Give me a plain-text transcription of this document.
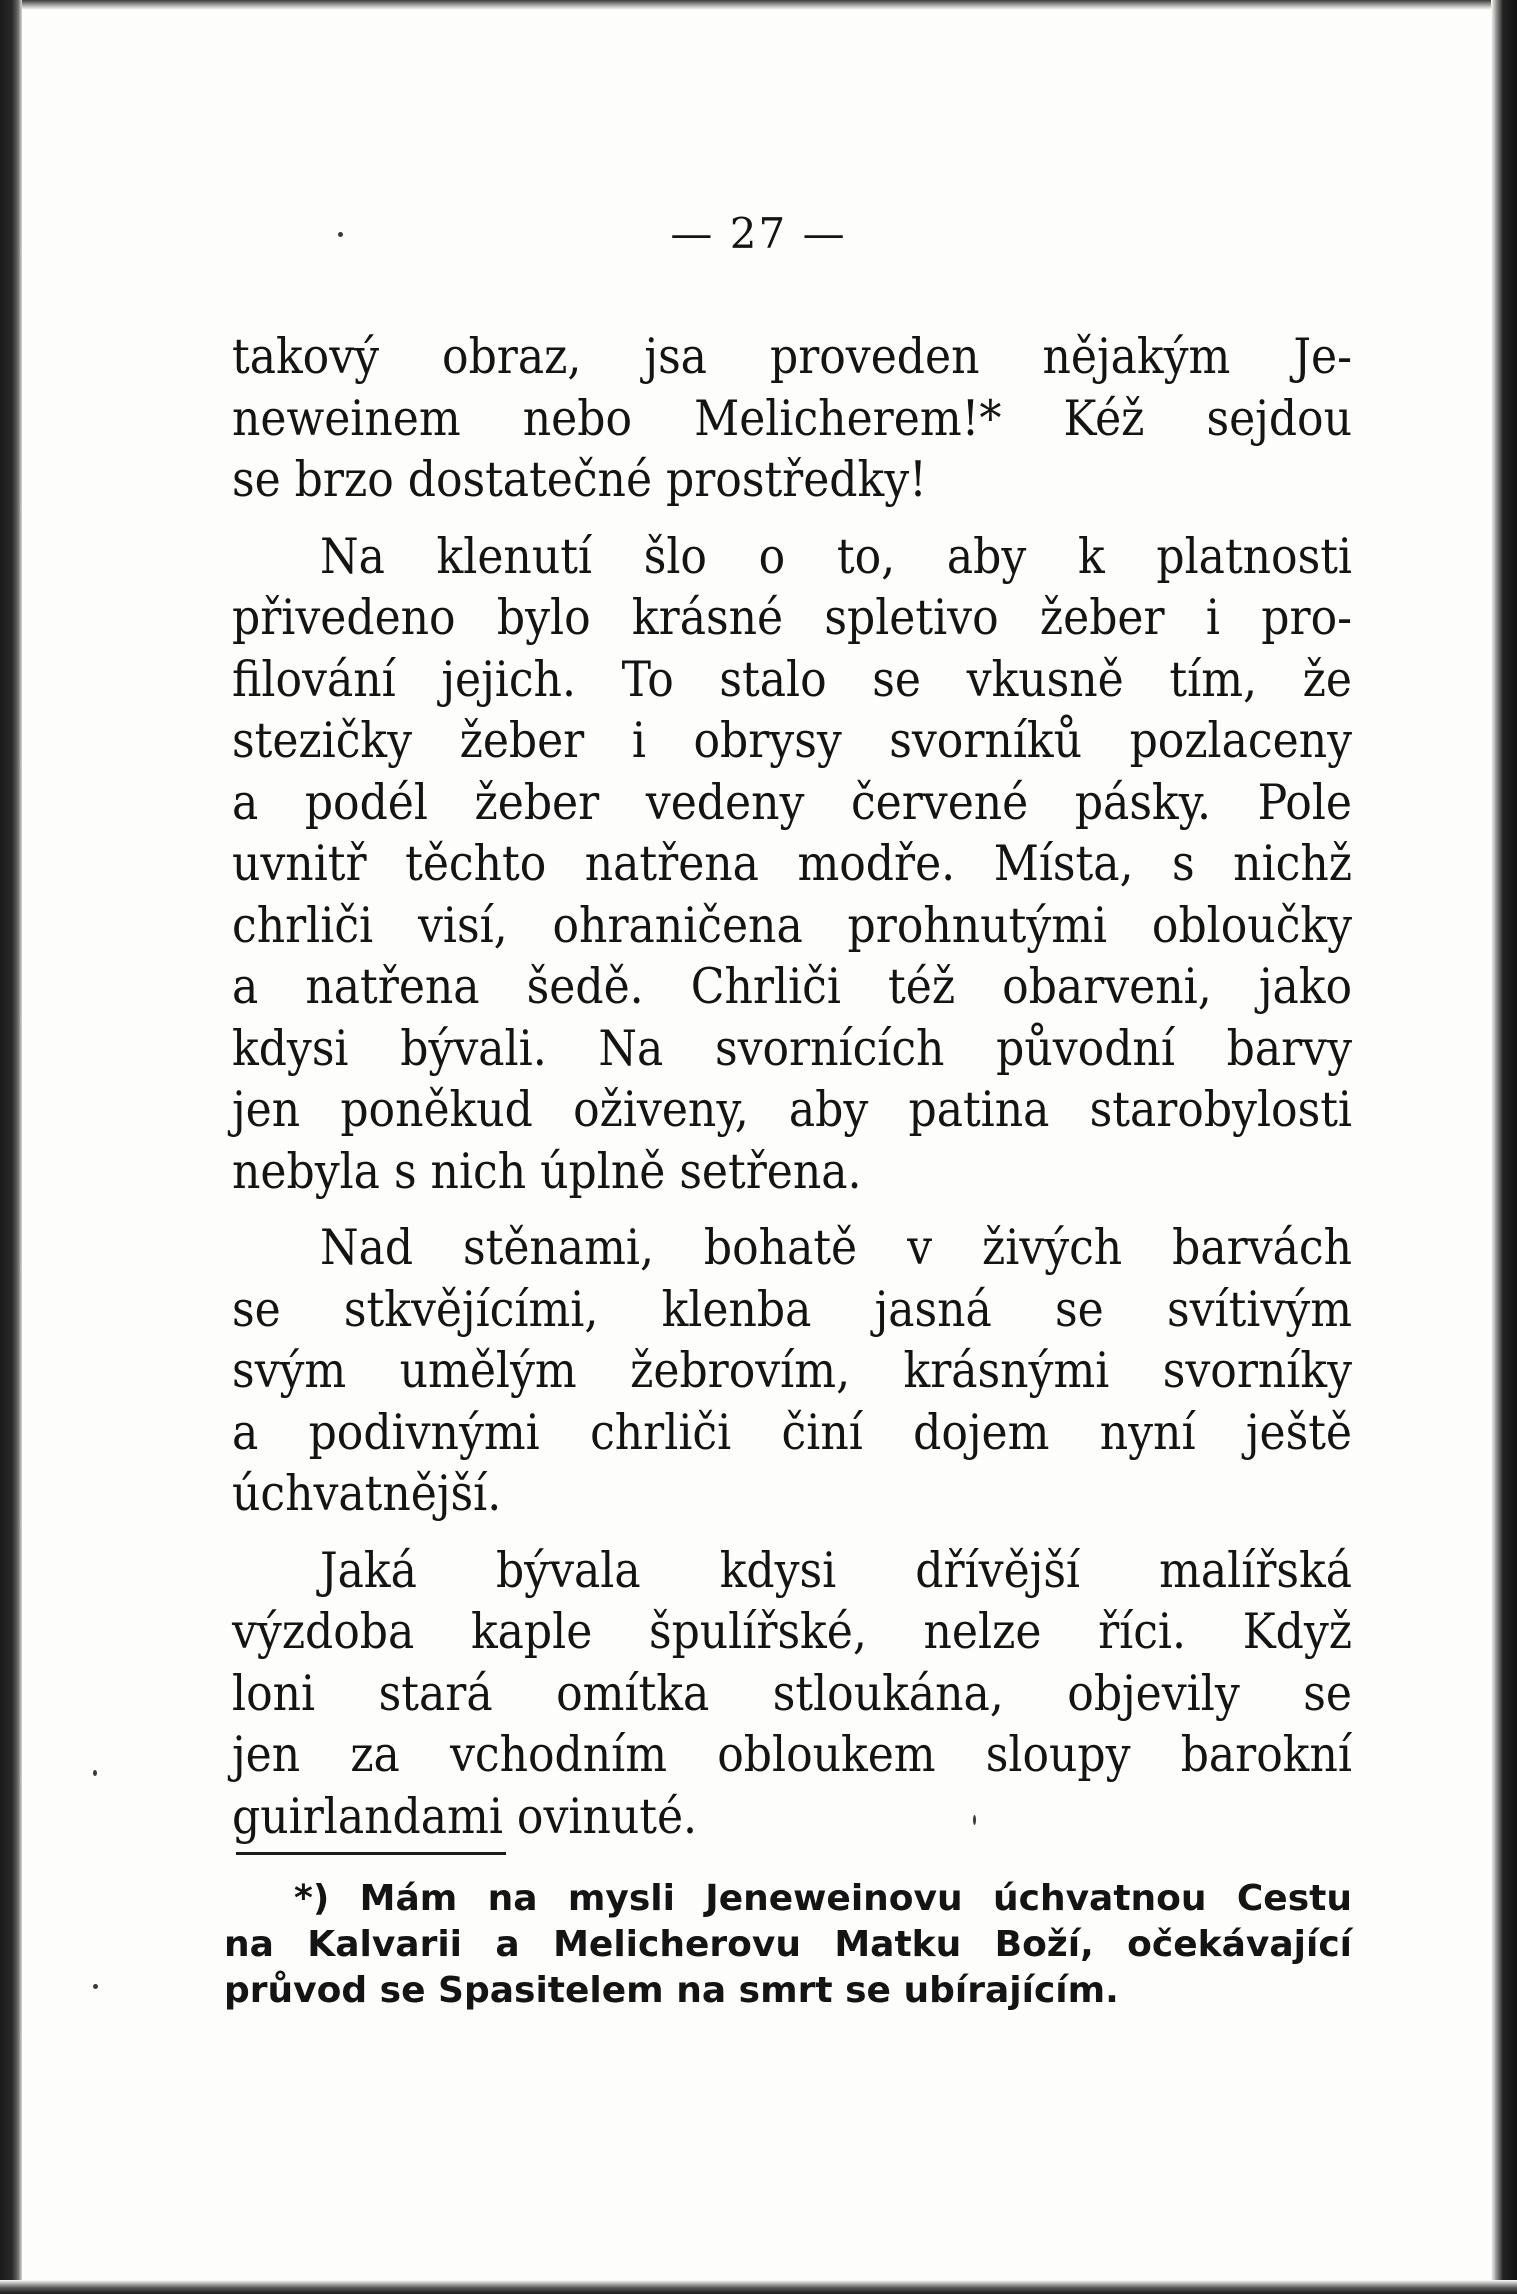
— 27 —
takový obraz, jsa proveden nějakým Je-
neweinem nebo Melicherem!* Kéž sejdou
se brzo dostatečné prostředky!
Na klenutí šlo o to, aby k platnosti
přivedeno bylo krásné spletivo žeber i pro-
filování jejich. To stalo se vkusně tím, že
stezičky žeber i obrysy svorníků pozlaceny
a podél žeber vedeny červené pásky. Pole
uvnitř těchto natřena modře. Místa, s nichž
chrliči visí, ohraničena prohnutými obloučky
a natřena šedě. Chrliči též obarveni, jako
kdysi bývali. Na svornících původní barvy
jen poněkud oživeny, aby patina starobylosti
nebyla s nich úplně setřena.
Nad stěnami, bohatě v živých barvách
se stkvějícími, klenba jasná se svítivým
svým umělým žebrovím, krásnými svorníky
a podivnými chrliči činí dojem nyní ještě
úchvatnější.
Jaká bývala kdysi dřívější malířská
výzdoba kaple špulířské, nelze říci. Když
loni stará omítka stloukána, objevily se
jen za vchodním obloukem sloupy barokní
guirlandami ovinuté.
*) Mám na mysli Jeneweinovu úchvatnou Cestu
na Kalvarii a Melicherovu Matku Boží, očekávající
průvod se Spasitelem na smrt se ubírajícím.
